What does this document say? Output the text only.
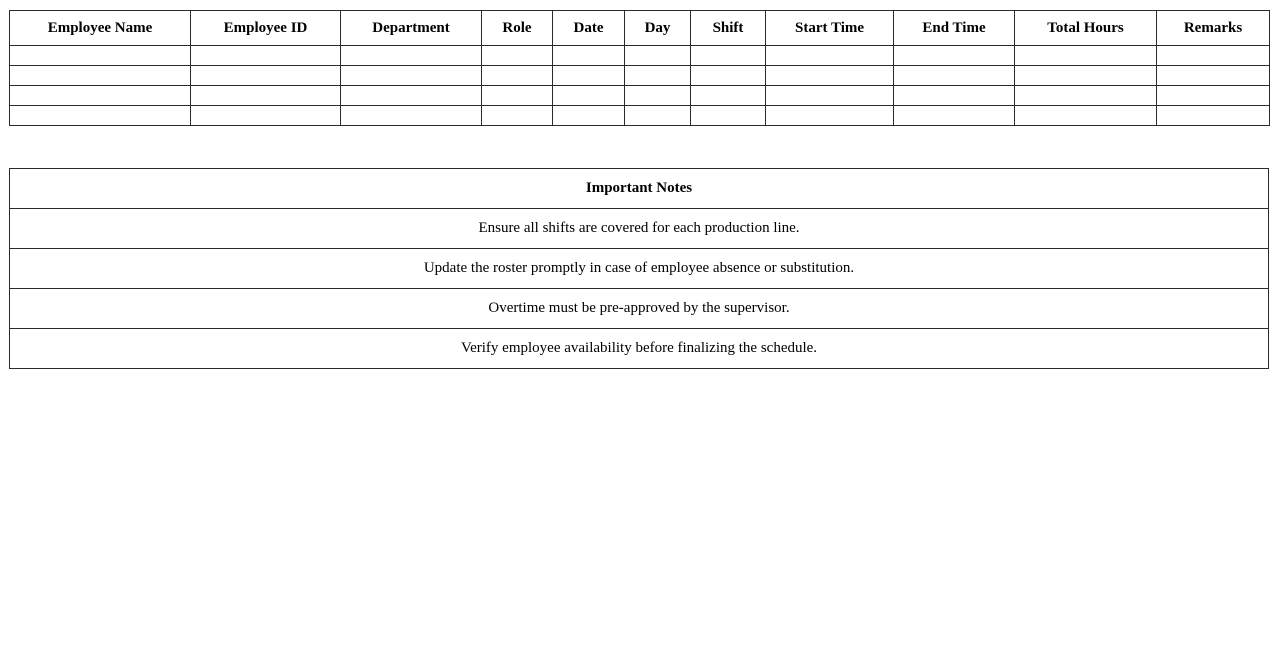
Employee Name	Employee ID	Department	Role	Date	Day	Shift	Start Time	End Time	Total Hours	Remarks

Important Notes
Ensure all shifts are covered for each production line.
Update the roster promptly in case of employee absence or substitution.
Overtime must be pre-approved by the supervisor.
Verify employee availability before finalizing the schedule.
